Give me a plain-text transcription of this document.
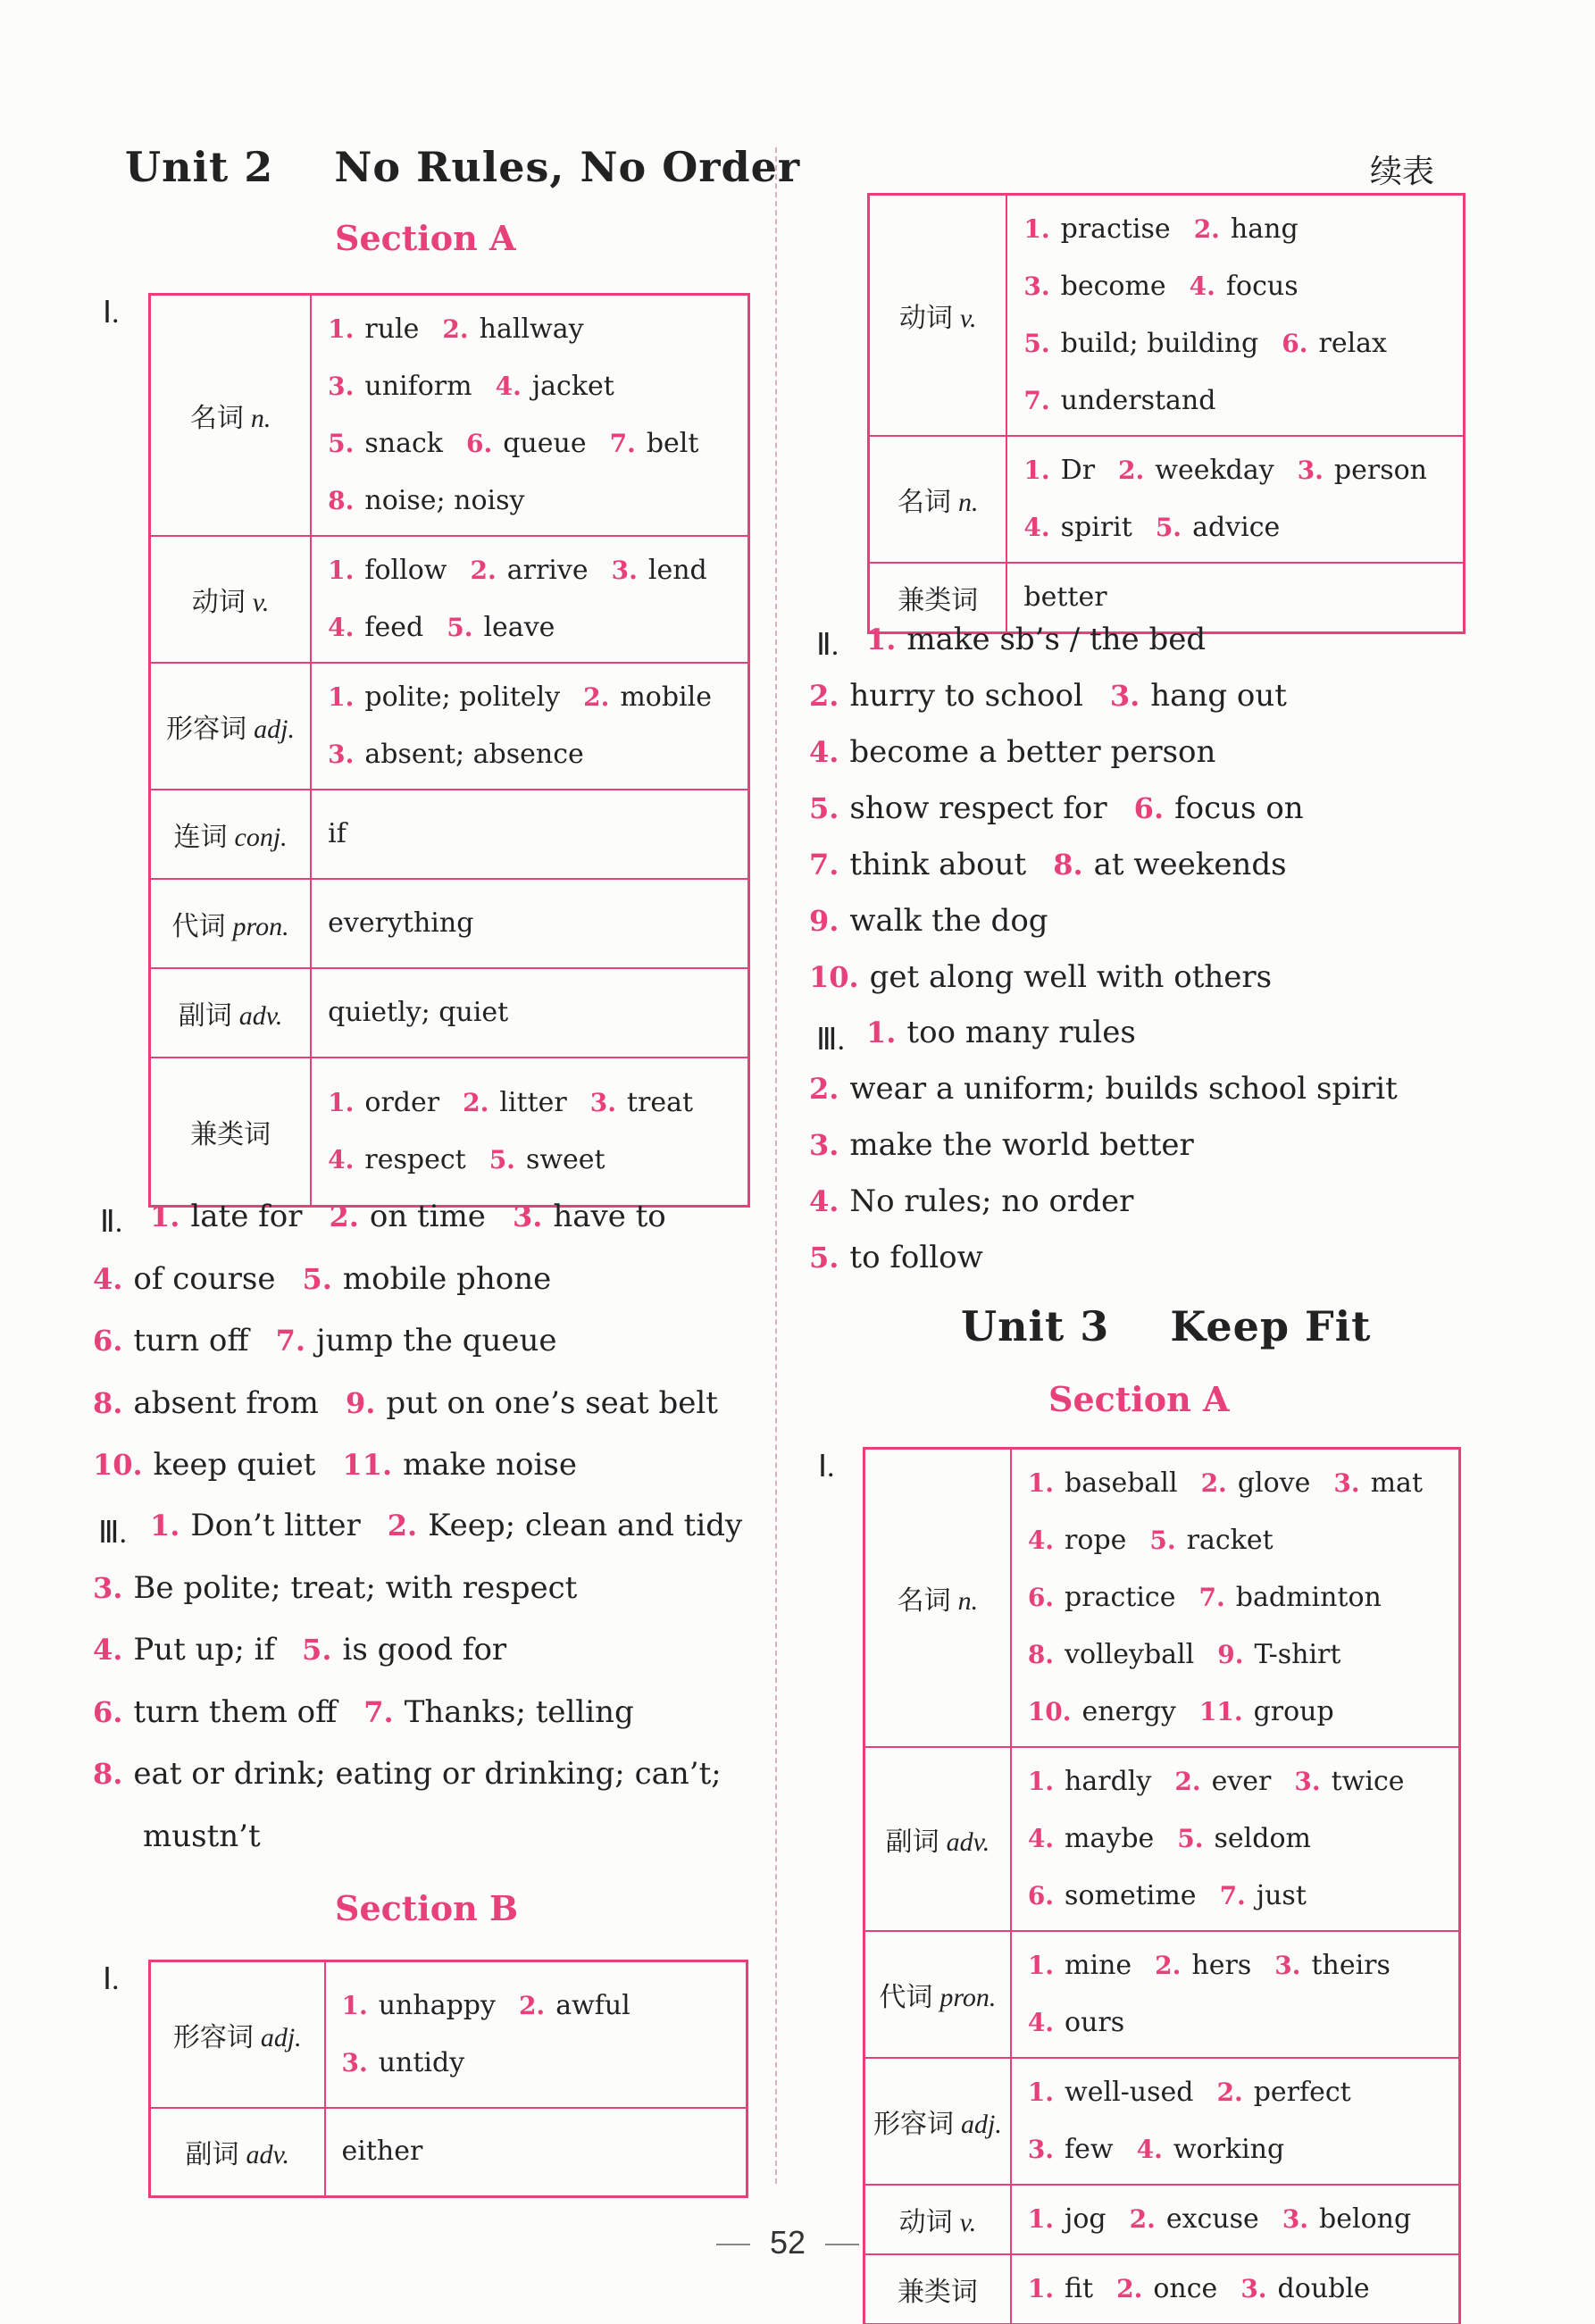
Unit 2    No Rules, No Order
Section A
Ⅰ.
名词 n.	1. rule 2. hallway
3. uniform 4. jacket
5. snack 6. queue 7. belt
8. noise; noisy

动词 v.	1. follow 2. arrive 3. lend
4. feed 5. leave

形容词 adj.	1. polite; politely 2. mobile
3. absent; absence

连词 conj.	if

代词 pron.	everything

副词 adv.	quietly; quiet

兼类词	1. order 2. litter 3. treat
4. respect 5. sweet
Ⅱ. 1. late for 2. on time 3. have to
4. of course 5. mobile phone
6. turn off 7. jump the queue
8. absent from 9. put on one’s seat belt
10. keep quiet 11. make noise
Ⅲ. 1. Don’t litter 2. Keep; clean and tidy
3. Be polite; treat; with respect
4. Put up; if 5. is good for
6. turn them off 7. Thanks; telling
8. eat or drink; eating or drinking; can’t;
mustn’t
Section B
Ⅰ.
形容词 adj.	1. unhappy 2. awful
3. untidy

副词 adv.	either
续表
动词 v.	1. practise 2. hang
3. become 4. focus
5. build; building 6. relax
7. understand

名词 n.	1. Dr 2. weekday 3. person
4. spirit 5. advice

兼类词	better
Ⅱ. 1. make sb’s / the bed
2. hurry to school 3. hang out
4. become a better person
5. show respect for 6. focus on
7. think about 8. at weekends
9. walk the dog
10. get along well with others
Ⅲ. 1. too many rules
2. wear a uniform; builds school spirit
3. make the world better
4. No rules; no order
5. to follow
Unit 3    Keep Fit
Section A
Ⅰ.
名词 n.	1. baseball 2. glove 3. mat
4. rope 5. racket
6. practice 7. badminton
8. volleyball 9. T-shirt
10. energy 11. group

副词 adv.	1. hardly 2. ever 3. twice
4. maybe 5. seldom
6. sometime 7. just

代词 pron.	1. mine 2. hers 3. theirs
4. ours

形容词 adj.	1. well-used 2. perfect
3. few 4. working

动词 v.	1. jog 2. excuse 3. belong

兼类词	1. fit 2. once 3. double
52
